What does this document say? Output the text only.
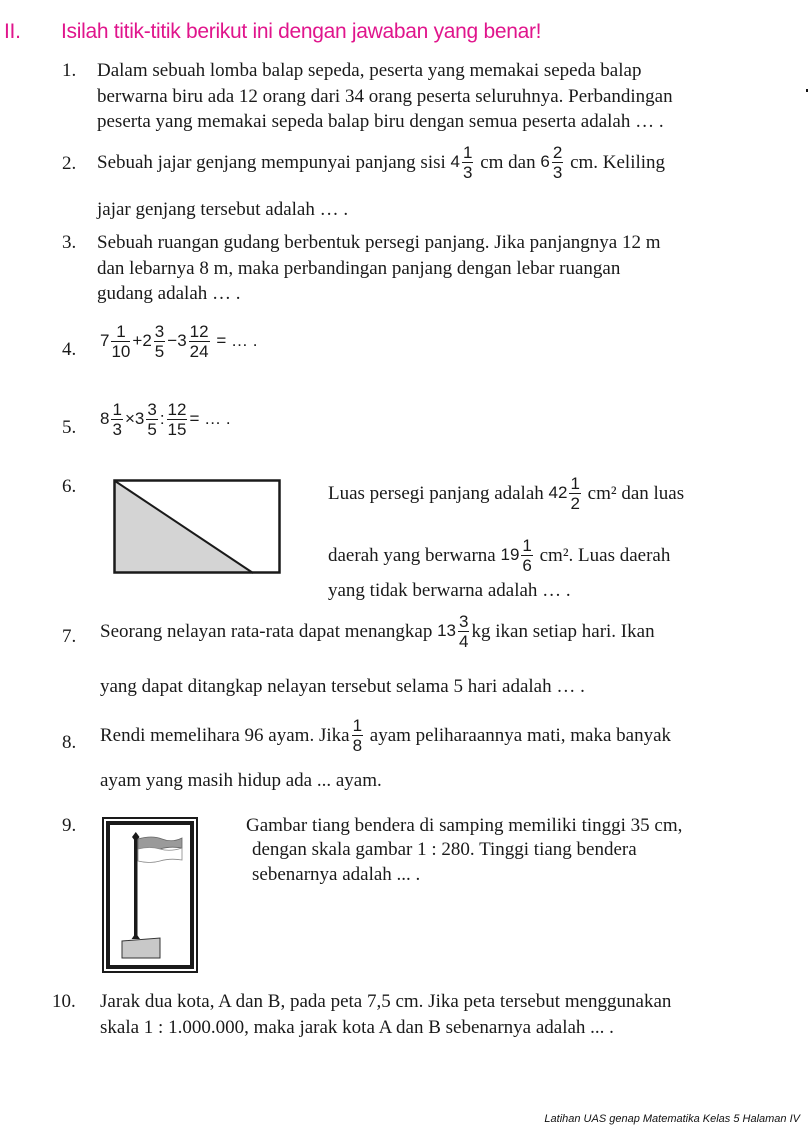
II. Isilah titik-titik berikut ini dengan jawaban yang benar!
1. Dalam sebuah lomba balap sepeda, peserta yang memakai sepeda balap
berwarna biru ada 12 orang dari 34 orang peserta seluruhnya. Perbandingan
peserta yang memakai sepeda balap biru dengan semua peserta adalah … .
2. Sebuah jajar genjang mempunyai panjang sisi $4 \frac{1}{3}$ cm dan $6 \frac{2}{3}$ cm. Keliling
jajar genjang tersebut adalah … .
3. Sebuah ruangan gudang berbentuk persegi panjang. Jika panjangnya 12 m
dan lebarnya 8 m, maka perbandingan panjang dengan lebar ruangan
gudang adalah … .
4. $7 \frac{1}{10} +2 \frac{3}{5} -3 \frac{12}{24}$ = … .
5. $8 \frac{1}{3} \times 3 \frac{3}{5}$ : $\frac{12}{15}$ = … .
6.	Luas persegi panjang adalah $42 \frac{1}{2} cm^2$ dan luas
daerah yang berwarna $19 \frac{1}{6} cm^2$. Luas daerah
yang tidak berwarna adalah … .
7. Seorang nelayan rata-rata dapat menangkap $13 \frac{3}{4}$ kg ikan setiap hari. Ikan
yang dapat ditangkap nelayan tersebut selama 5 hari adalah … .
8. Rendi memelihara 96 ayam. Jika $\frac{1}{8}$ ayam peliharaannya mati, maka banyak
ayam yang masih hidup ada ... ayam.
9.	Gambar tiang bendera di samping memiliki tinggi 35 cm,
dengan skala gambar 1 : 280. Tinggi tiang bendera
sebenarnya adalah ... .
10. Jarak dua kota, A dan B, pada peta 7,5 cm. Jika peta tersebut menggunakan
skala 1 : 1.000.000, maka jarak kota A dan B sebenarnya adalah ... .
Latihan UAS genap Matematika Kelas 5 Halaman IV
